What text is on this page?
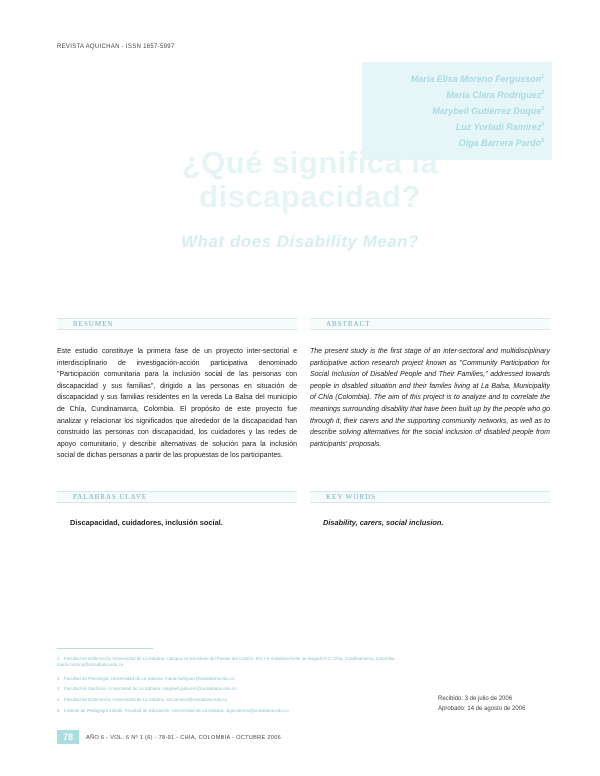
REVISTA AQUICHAN - ISSN 1657-5997
María Elisa Moreno Fergusson$^1$
María Clara Rodríguez$^2$
Marybell Gutiérrez Duque$^3$
Luz Yorladi Ramírez$^4$
Olga Barrera Pardo$^5$
¿Qué significa la discapacidad?
What does Disability Mean?
RESUMEN	ABSTRACT
Este estudio constituye la primera fase de un proyecto inter-sectorial e interdisciplinario de investigación-acción participativa denominado "Participación comunitaria para la inclusión social de las personas con discapacidad y sus familias", dirigido a las personas en situación de discapacidad y sus familias residentes en la vereda La Balsa del municipio de Chía, Cundinamarca, Colombia. El propósito de este proyecto fue analizar y relacionar los significados que alrededor de la discapacidad han construido las personas con discapacidad, los cuidadores y las redes de apoyo comunitario, y describir alternativas de solución para la inclusión social de dichas personas a partir de las propuestas de los participantes.
The present study is the first stage of an inter-sectoral and multidisciplinary participative action research project known as "Community Participation for Social Inclusion of Disabled People and Their Families," addressed towards people in disabled situation and their familes living at La Balsa, Municipality of Chía (Colombia). The aim of this project is to analyze and to correlate the meanings surrounding disability that have been built up by the people who go through it, their carers and the supporting community networks, as well as to describe solving alternatives for the social inclusion of disabled people from participants' proposals.
PALABRAS CLAVE	KEY WORDS
Discapacidad, cuidadores, inclusión social.	Disability, carers, social inclusion.
1 Facultad de Enfermería, Universidad de La Sabana. Campus Universitario del Puente del Común, Km 7.5 Autopista Norte de Bogotá D.C. Chía, Cundinamarca, Colombia. maria.moreno@unisabana.edu.co
2 Facultad de Psicología, Universidad de La Sabana. maria.rodriguez@unisabana.edu.co
3 Facultad de Medicina, Universidad de La Sabana. marybell.gutierrez@unisabana.edu.co
4 Facultad de Enfermería, Universidad de La Sabana. luz.ramirez@unisabana.edu.co
5 Instituto de Pedagogía Infantil, Facultad de Educación, Universidad de La Sabana. olga.barrera@unisabana.edu.co
Recibido: 3 de julio de 2006
Aprobado: 14 de agosto de 2006
78	AÑO 6 - VOL. 6 Nº 1 (6) - 78-91 - CHÍA, COLOMBIA - OCTUBRE 2006
